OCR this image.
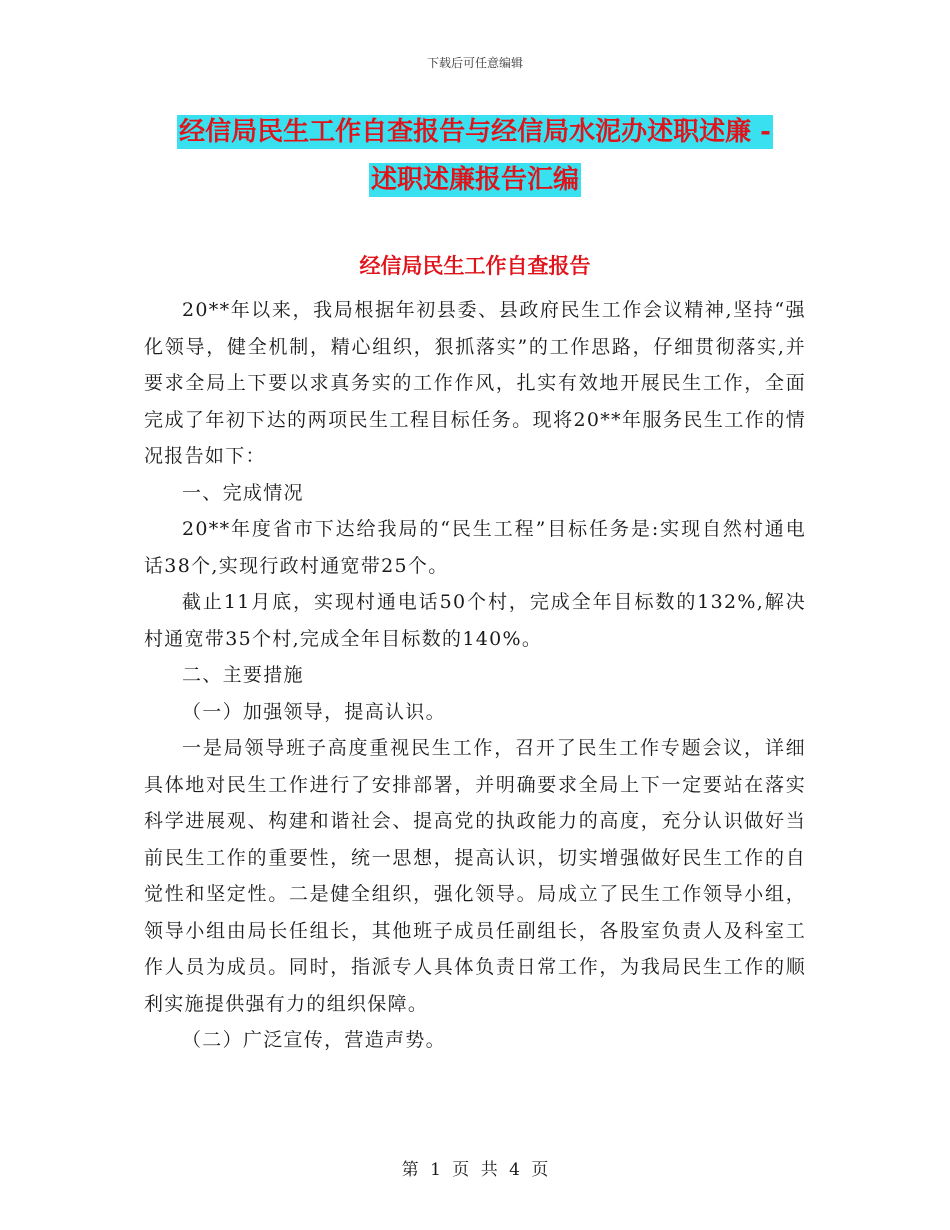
下载后可任意编辑
经信局民生工作自查报告与经信局水泥办述职述廉 -
述职述廉报告汇编
经信局民生工作自查报告

20**年以来，我局根据年初县委、县政府民生工作会议精神,坚持“强化领导，健全机制，精心组织，狠抓落实”的工作思路，仔细贯彻落实,并要求全局上下要以求真务实的工作作风，扎实有效地开展民生工作，全面完成了年初下达的两项民生工程目标任务。现将20**年服务民生工作的情况报告如下：

一、完成情况

20**年度省市下达给我局的“民生工程”目标任务是:实现自然村通电话38个,实现行政村通宽带25个。

截止11月底，实现村通电话50个村，完成全年目标数的132%,解决村通宽带35个村,完成全年目标数的140%。

二、主要措施

（一）加强领导，提高认识。

一是局领导班子高度重视民生工作，召开了民生工作专题会议，详细具体地对民生工作进行了安排部署，并明确要求全局上下一定要站在落实科学进展观、构建和谐社会、提高党的执政能力的高度，充分认识做好当前民生工作的重要性，统一思想，提高认识，切实增强做好民生工作的自觉性和坚定性。二是健全组织，强化领导。局成立了民生工作领导小组，领导小组由局长任组长，其他班子成员任副组长，各股室负责人及科室工作人员为成员。同时，指派专人具体负责日常工作，为我局民生工作的顺利实施提供强有力的组织保障。

（二）广泛宣传，营造声势。

第 1 页 共 4 页
